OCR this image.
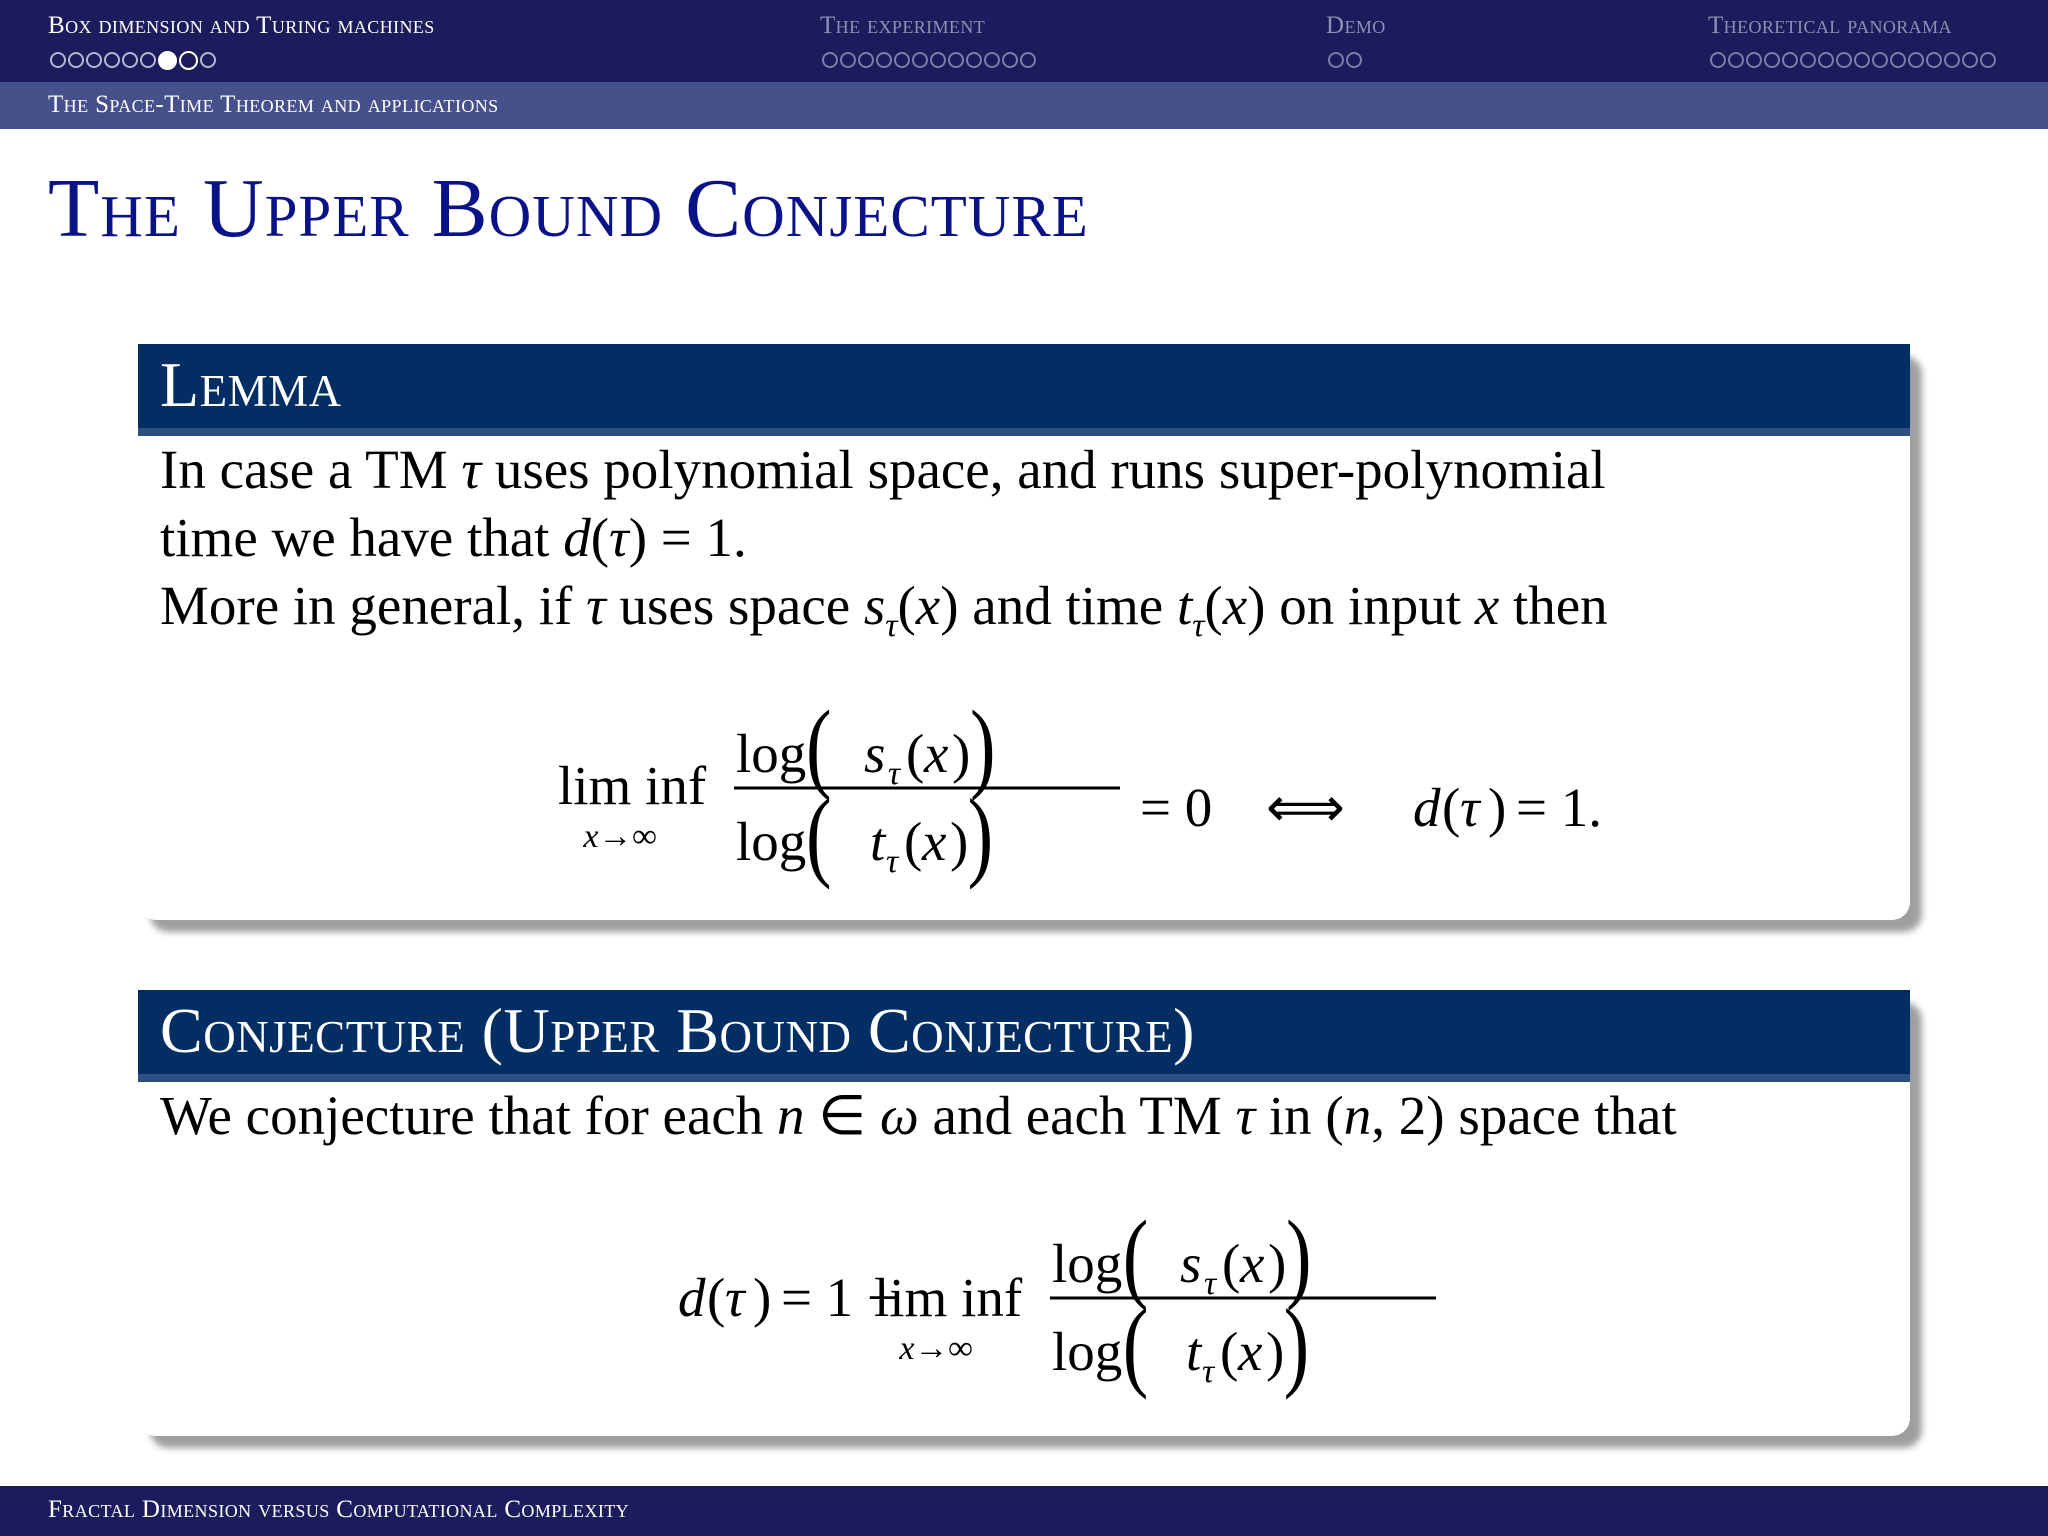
Box dimension and Turing machines	The experiment	Demo	Theoretical panorama
The Space-Time Theorem and applications
The Upper Bound Conjecture
Lemma
In case a TM τ uses polynomial space, and runs super-polynomial
time we have that d(τ) = 1.
More in general, if τ uses space $s_\tau(x)$ and time $t_\tau(x)$ on input x then
lim inf
x→∞
log ( s τ ( x ) )
log ( t τ ( x ) )	= 0 ⟺ d ( τ ) = 1.
Conjecture (Upper Bound Conjecture)
We conjecture that for each n ∈ ω and each TM τ in (n, 2) space that
d ( τ ) = 1 +
lim inf
x→∞
log ( s τ ( x ) )
log ( t τ ( x ) )
Fractal Dimension versus Computational Complexity
